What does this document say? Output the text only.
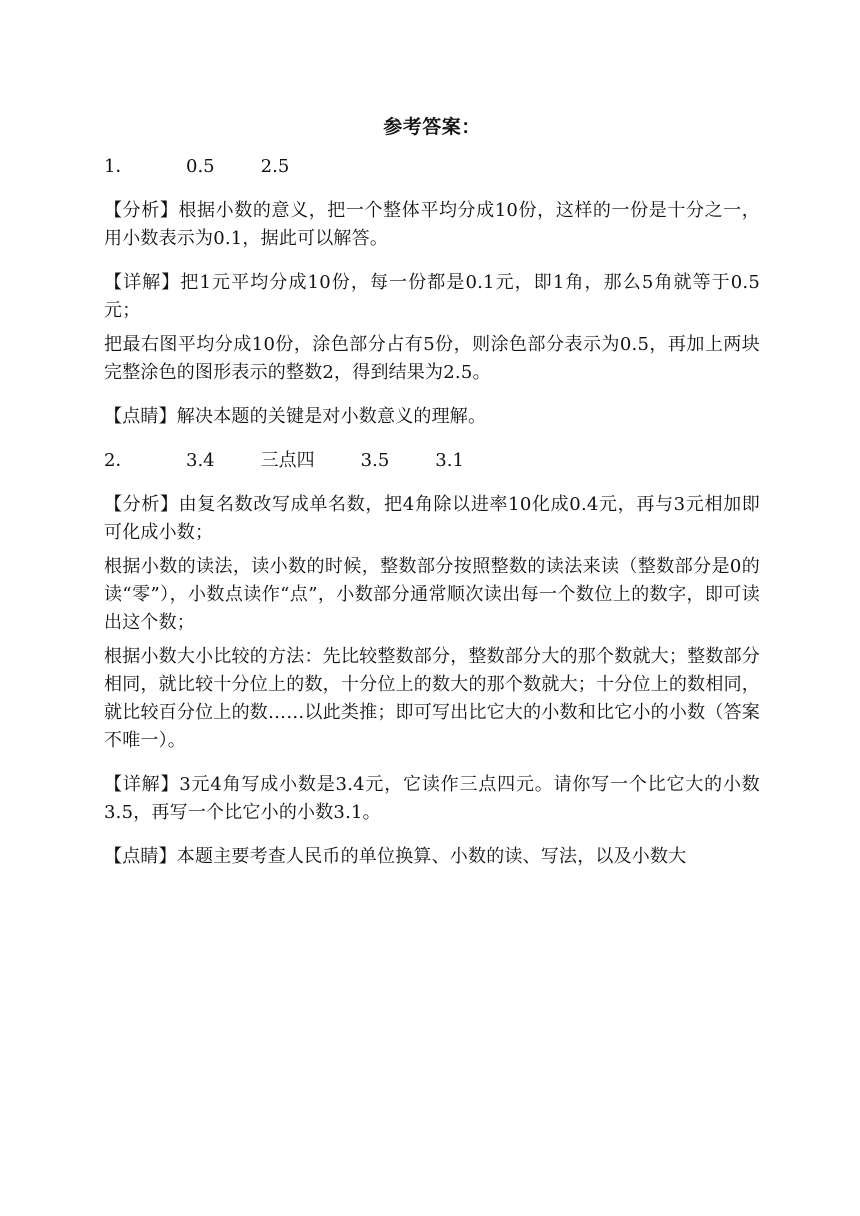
参考答案：
1．	0.5	2.5
【分析】根据小数的意义，把一个整体平均分成10份，这样的一份是十分之一，用小数表示为0.1，据此可以解答。
【详解】把1元平均分成10份，每一份都是0.1元，即1角，那么5角就等于0.5元；
把最右图平均分成10份，涂色部分占有5份，则涂色部分表示为0.5，再加上两块完整涂色的图形表示的整数2，得到结果为2.5。
【点睛】解决本题的关键是对小数意义的理解。
2．	3.4	三点四	3.5	3.1
【分析】由复名数改写成单名数，把4角除以进率10化成0.4元，再与3元相加即可化成小数；
根据小数的读法，读小数的时候，整数部分按照整数的读法来读（整数部分是0的读“零”），小数点读作“点”，小数部分通常顺次读出每一个数位上的数字，即可读出这个数；
根据小数大小比较的方法：先比较整数部分，整数部分大的那个数就大；整数部分相同，就比较十分位上的数，十分位上的数大的那个数就大；十分位上的数相同，就比较百分位上的数……以此类推；即可写出比它大的小数和比它小的小数（答案不唯一）。
【详解】3元4角写成小数是3.4元，它读作三点四元。请你写一个比它大的小数3.5，再写一个比它小的小数3.1。
【点睛】本题主要考查人民币的单位换算、小数的读、写法，以及小数大
